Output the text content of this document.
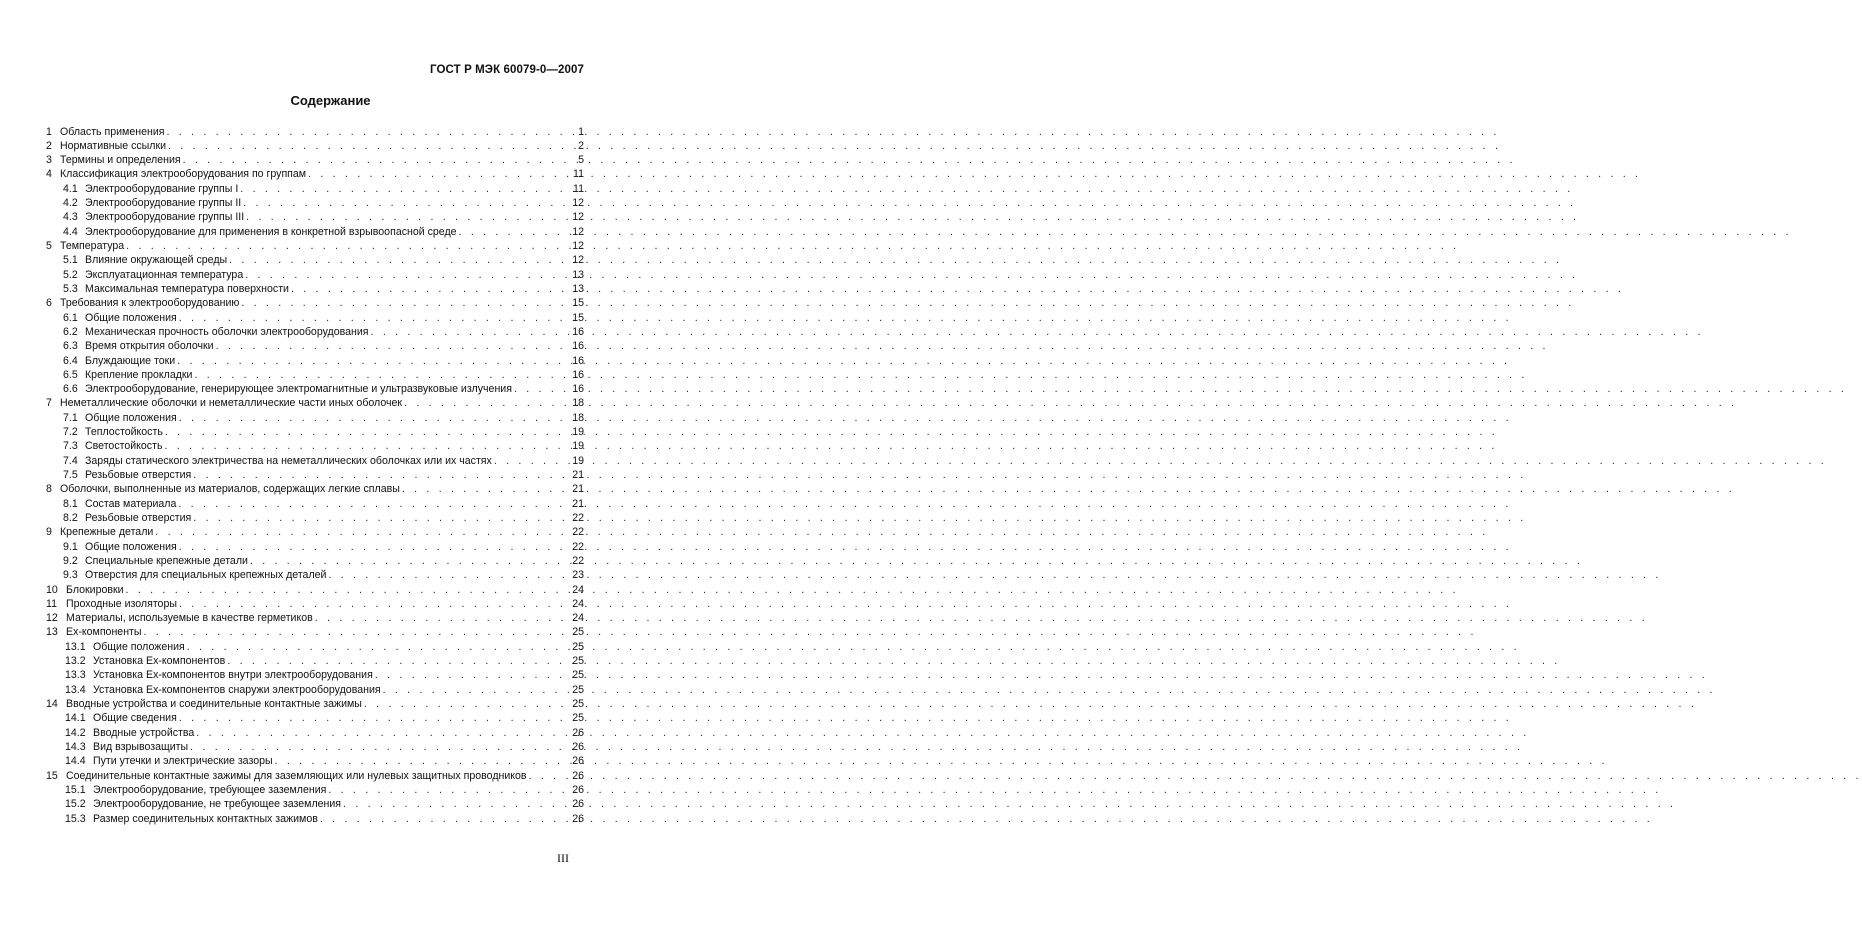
ГОСТ Р МЭК 60079-0—2007
Содержание
1 Область применения . . .	1
2 Нормативные ссылки . . .	2
3 Термины и определения . . .	5
4 Классификация электрооборудования по группам . . .	11
4.1 Электрооборудование группы I . . .	11
4.2 Электрооборудование группы II . . .	12
4.3 Электрооборудование группы III . . .	12
4.4 Электрооборудование для применения в конкретной взрывоопасной среде . . .	12
5 Температура . . .	12
5.1 Влияние окружающей среды . . .	12
5.2 Эксплуатационная температура . . .	13
5.3 Максимальная температура поверхности . . .	13
6 Требования к электрооборудованию . . .	15
6.1 Общие положения . . .	15
6.2 Механическая прочность оболочки электрооборудования . . .	16
6.3 Время открытия оболочки . . .	16
6.4 Блуждающие токи . . .	16
6.5 Крепление прокладки . . .	16
6.6 Электрооборудование, генерирующее электромагнитные и ультразвуковые излучения . . .	16
7 Неметаллические оболочки и неметаллические части иных оболочек . . .	18
7.1 Общие положения . . .	18
7.2 Теплостойкость . . .	19
7.3 Светостойкость . . .	19
7.4 Заряды статического электричества на неметаллических оболочках или их частях . . .	19
7.5 Резьбовые отверстия . . .	21
8 Оболочки, выполненные из материалов, содержащих легкие сплавы . . .	21
8.1 Состав материала . . .	21
8.2 Резьбовые отверстия . . .	22
9 Крепежные детали . . .	22
9.1 Общие положения . . .	22
9.2 Специальные крепежные детали . . .	22
9.3 Отверстия для специальных крепежных деталей . . .	23
10 Блокировки . . .	24
11 Проходные изоляторы . . .	24
12 Материалы, используемые в качестве герметиков . . .	24
13 Ех-компоненты . . .	25
13.1 Общие положения . . .	25
13.2 Установка Ех-компонентов . . .	25
13.3 Установка Ех-компонентов внутри электрооборудования . . .	25
13.4 Установка Ех-компонентов снаружи электрооборудования . . .	25
14 Вводные устройства и соединительные контактные зажимы . . .	25
14.1 Общие сведения . . .	25
14.2 Вводные устройства . . .	26
14.3 Вид взрывозащиты . . .	26
14.4 Пути утечки и электрические зазоры . . .	26
15 Соединительные контактные зажимы для заземляющих или нулевых защитных проводников . . .	26
15.1 Электрооборудование, требующее заземления . . .	26
15.2 Электрооборудование, не требующее заземления . . .	26
15.3 Размер соединительных контактных зажимов . . .	26
III
